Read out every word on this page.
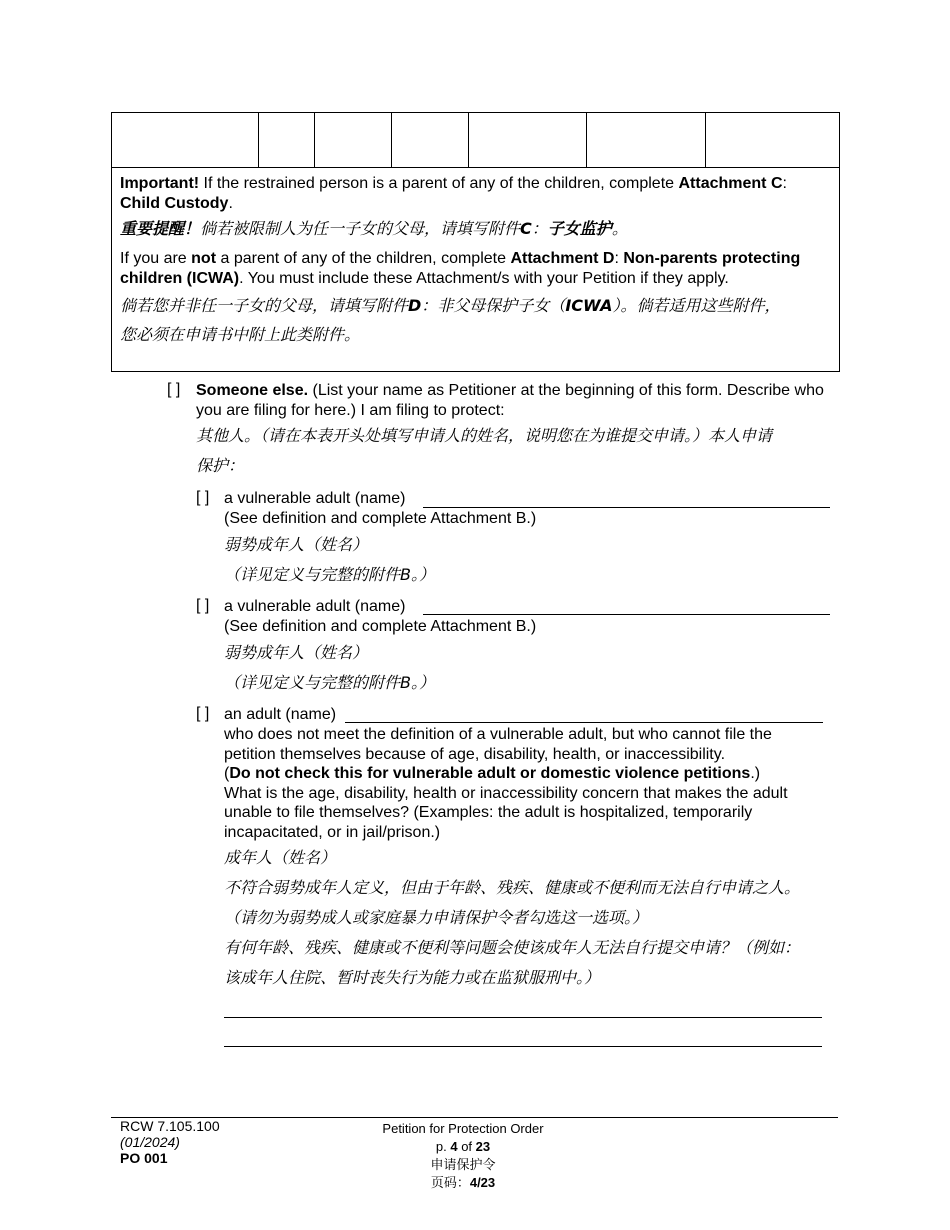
Important! If the restrained person is a parent of any of the children, complete Attachment C: Child Custody.

重要提醒！倘若被限制人为任一子女的父母，请填写附件C：子女监护。

If you are not a parent of any of the children, complete Attachment D: Non-parents protecting children (ICWA). You must include these Attachment/s with your Petition if they apply.

倘若您并非任一子女的父母，请填写附件D：非父母保护子女（ICWA）。倘若适用这些附件，
您必须在申请书中附上此类附件。

[ ] Someone else. (List your name as Petitioner at the beginning of this form. Describe who you are filing for here.) I am filing to protect:
其他人。（请在本表开头处填写申请人的姓名，说明您在为谁提交申请。）本人申请
保护：
[ ] a vulnerable adult (name)
(See definition and complete Attachment B.)
弱势成年人（姓名）
（详见定义与完整的附件B。）
[ ] a vulnerable adult (name)
(See definition and complete Attachment B.)
弱势成年人（姓名）
（详见定义与完整的附件B。）
[ ] an adult (name)
who does not meet the definition of a vulnerable adult, but who cannot file the
petition themselves because of age, disability, health, or inaccessibility.
(Do not check this for vulnerable adult or domestic violence petitions.)
What is the age, disability, health or inaccessibility concern that makes the adult
unable to file themselves? (Examples: the adult is hospitalized, temporarily
incapacitated, or in jail/prison.)
成年人（姓名）
不符合弱势成年人定义，但由于年龄、残疾、健康或不便利而无法自行申请之人。
（请勿为弱势成人或家庭暴力申请保护令者勾选这一选项。）
有何年龄、残疾、健康或不便利等问题会使该成年人无法自行提交申请？（例如：
该成年人住院、暂时丧失行为能力或在监狱服刑中。）
RCW 7.105.100
(01/2024)
PO 001
Petition for Protection Order
p. 4 of 23
申请保护令
页码：4/23
